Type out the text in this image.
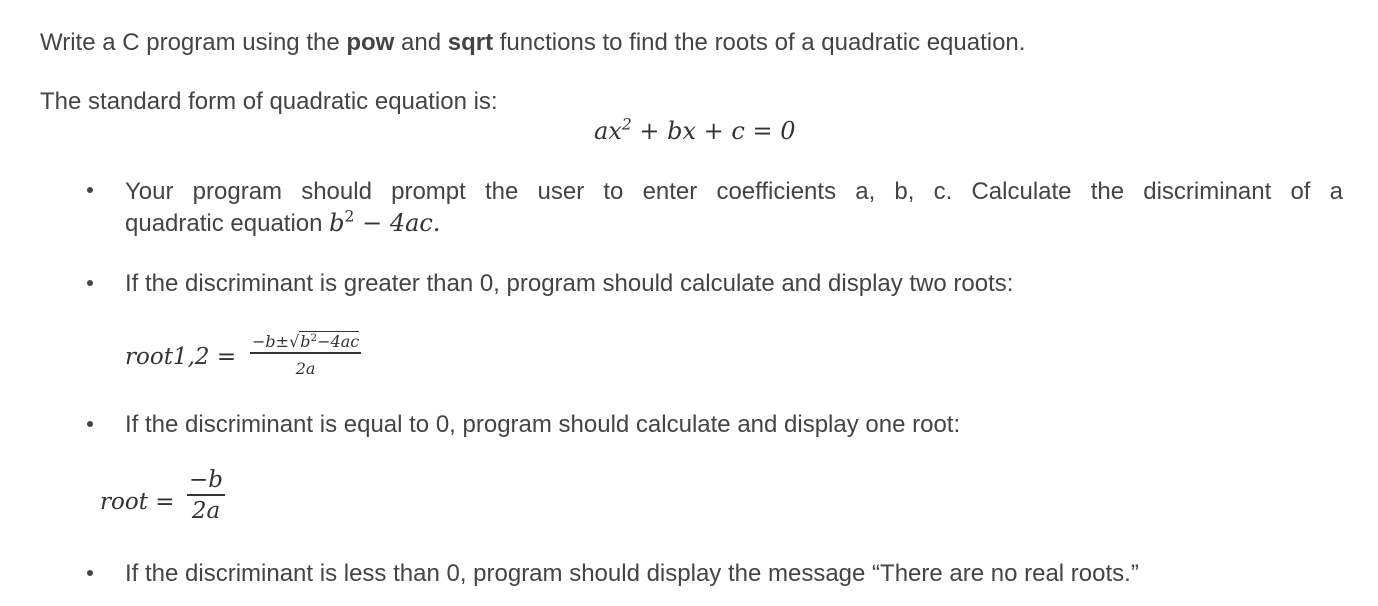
Write a C program using the pow and sqrt functions to find the roots of a quadratic equation.
The standard form of quadratic equation is:
$ax^2$ + bx + c = 0
Your program should prompt the user to enter coefficients a, b, c. Calculate the discriminant of a
quadratic equation $b^2 - 4ac$.
If the discriminant is greater than 0, program should calculate and display two roots:
root1,2 =
$-b\pm√b^2-4ac$
2a
If the discriminant is equal to 0, program should calculate and display one root:
root =
−b
2a
If the discriminant is less than 0, program should display the message “There are no real roots.”
